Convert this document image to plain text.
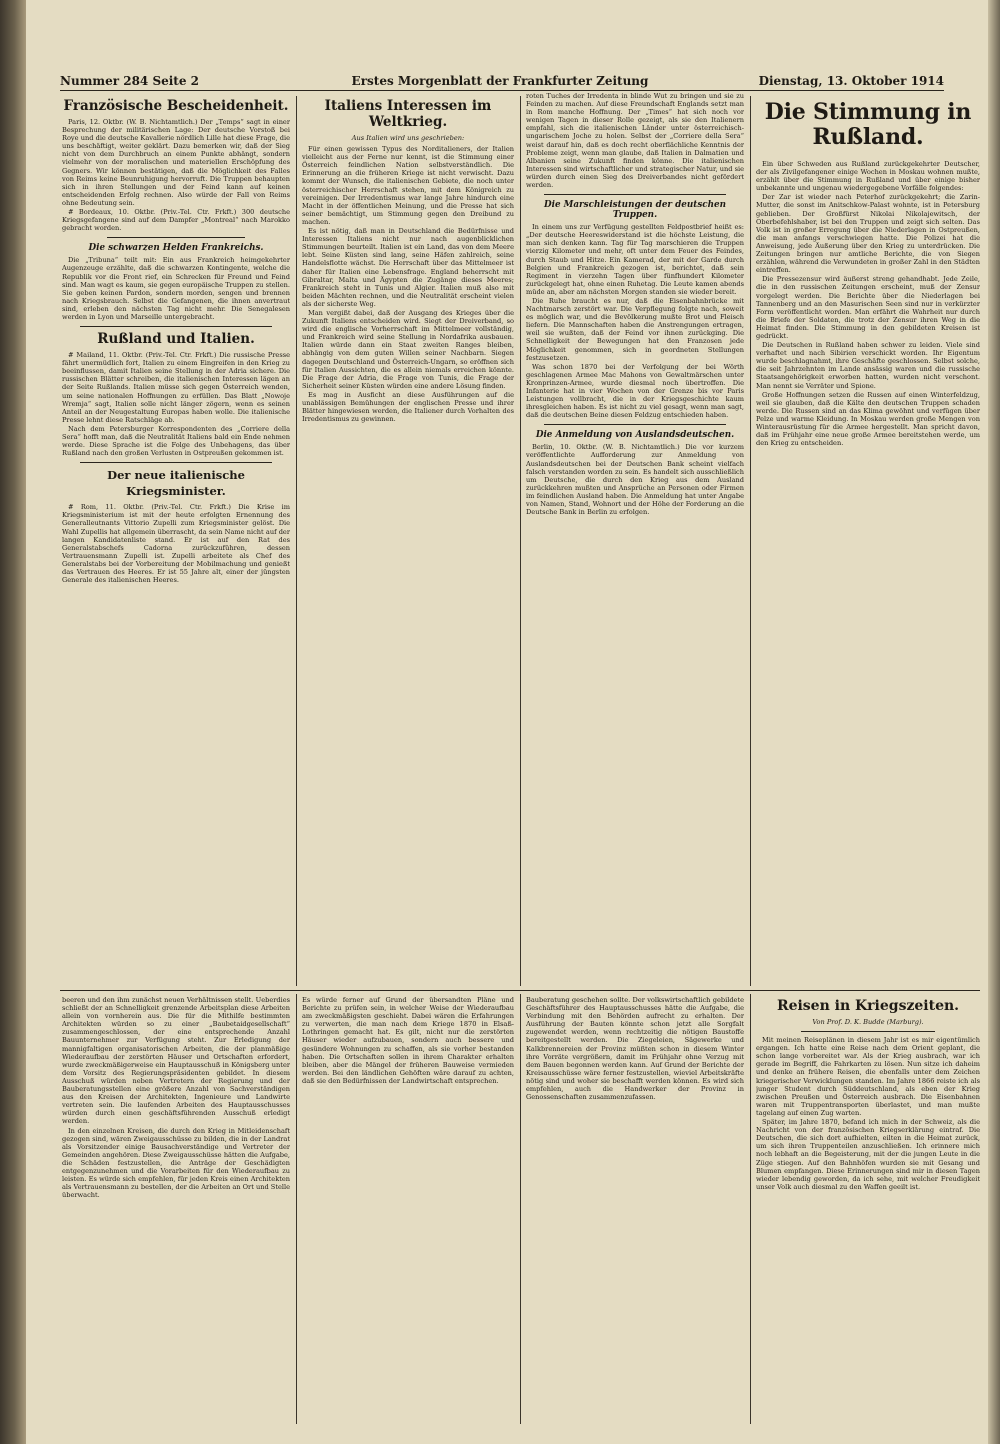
Nummer 284 Seite 2	Erstes Morgenblatt der Frankfurter Zeitung	Dienstag, 13. Oktober 1914
Französische Bescheidenheit.

Paris, 12. Oktbr. (W. B. Nichtamtlich.) Der „Temps“ sagt in einer Besprechung der militärischen Lage: Der deutsche Vorstoß bei Roye und die deutsche Kavallerie nördlich Lille hat diese Frage, die uns beschäftigt, weiter geklärt. Dazu bemerken wir, daß der Sieg nicht von dem Durchbruch an einem Punkte abhängt, sondern vielmehr von der moralischen und materiellen Erschöpfung des Gegners. Wir können bestätigen, daß die Möglichkeit des Falles von Reims keine Beunruhigung hervorruft. Die Truppen behaupten sich in ihren Stellungen und der Feind kann auf keinen entscheidenden Erfolg rechnen. Also würde der Fall von Reims ohne Bedeutung sein.

# Bordeaux, 10. Oktbr. (Priv.-Tel. Ctr. Frkft.) 300 deutsche Kriegsgefangene sind auf dem Dampfer „Montreal“ nach Marokko gebracht worden.

Die schwarzen Helden Frankreichs.

Die „Tribuna“ teilt mit: Ein aus Frankreich heimgekehrter Augenzeuge erzählte, daß die schwarzen Kontingente, welche die Republik vor die Front rief, ein Schrecken für Freund und Feind sind. Man wagt es kaum, sie gegen europäische Truppen zu stellen. Sie geben keinen Pardon, sondern morden, sengen und brennen nach Kriegsbrauch. Selbst die Gefangenen, die ihnen anvertraut sind, erleben den nächsten Tag nicht mehr. Die Senegalesen werden in Lyon und Marseille untergebracht.

Rußland und Italien.

# Mailand, 11. Oktbr. (Priv.-Tel. Ctr. Frkft.) Die russische Presse fährt unermüdlich fort, Italien zu einem Eingreifen in den Krieg zu beeinflussen, damit Italien seine Stellung in der Adria sichere. Die russischen Blätter schreiben, die italienischen Interessen lägen an der Seite Rußlands. Italien müsse sich gegen Österreich wenden, um seine nationalen Hoffnungen zu erfüllen. Das Blatt „Nowoje Wremja“ sagt, Italien solle nicht länger zögern, wenn es seinen Anteil an der Neugestaltung Europas haben wolle. Die italienische Presse lehnt diese Ratschläge ab.

Nach dem Petersburger Korrespondenten des „Corriere della Sera“ hofft man, daß die Neutralität Italiens bald ein Ende nehmen werde. Diese Sprache ist die Folge des Unbehagens, das über Rußland nach den großen Verlusten in Ostpreußen gekommen ist.

Der neue italienische Kriegsminister.

# Rom, 11. Oktbr. (Priv.-Tel. Ctr. Frkft.) Die Krise im Kriegsministerium ist mit der heute erfolgten Ernennung des Generalleutnants Vittorio Zupelli zum Kriegsminister gelöst. Die Wahl Zupellis hat allgemein überrascht, da sein Name nicht auf der langen Kandidatenliste stand. Er ist auf den Rat des Generalstabschefs Cadorna zurückzuführen, dessen Vertrauensmann Zupelli ist. Zupelli arbeitete als Chef des Generalstabs bei der Vorbereitung der Mobilmachung und genießt das Vertrauen des Heeres. Er ist 55 Jahre alt, einer der jüngsten Generale des italienischen Heeres.

Italiens Interessen im Weltkrieg.
Aus Italien wird uns geschrieben:

Für einen gewissen Typus des Norditalieners, der Italien vielleicht aus der Ferne nur kennt, ist die Stimmung einer Österreich feindlichen Nation selbstverständlich. Die Erinnerung an die früheren Kriege ist nicht verwischt. Dazu kommt der Wunsch, die italienischen Gebiete, die noch unter österreichischer Herrschaft stehen, mit dem Königreich zu vereinigen. Der Irredentismus war lange Jahre hindurch eine Macht in der öffentlichen Meinung, und die Presse hat sich seiner bemächtigt, um Stimmung gegen den Dreibund zu machen.

Es ist nötig, daß man in Deutschland die Bedürfnisse und Interessen Italiens nicht nur nach augenblicklichen Stimmungen beurteilt. Italien ist ein Land, das von dem Meere lebt. Seine Küsten sind lang, seine Häfen zahlreich, seine Handelsflotte wächst. Die Herrschaft über das Mittelmeer ist daher für Italien eine Lebensfrage. England beherrscht mit Gibraltar, Malta und Ägypten die Zugänge dieses Meeres; Frankreich steht in Tunis und Algier. Italien muß also mit beiden Mächten rechnen, und die Neutralität erscheint vielen als der sicherste Weg.

Man vergißt dabei, daß der Ausgang des Krieges über die Zukunft Italiens entscheiden wird. Siegt der Dreiverband, so wird die englische Vorherrschaft im Mittelmeer vollständig, und Frankreich wird seine Stellung in Nordafrika ausbauen. Italien würde dann ein Staat zweiten Ranges bleiben, abhängig von dem guten Willen seiner Nachbarn. Siegen dagegen Deutschland und Österreich-Ungarn, so eröffnen sich für Italien Aussichten, die es allein niemals erreichen könnte. Die Frage der Adria, die Frage von Tunis, die Frage der Sicherheit seiner Küsten würden eine andere Lösung finden.

Es mag in Ausficht an diese Ausführungen auf die unablässigen Bemühungen der englischen Presse und ihrer Blätter hingewiesen werden, die Italiener durch Vorhalten des Irredentismus zu gewinnen.

roten Tuches der Irredenta in blinde Wut zu bringen und sie zu Feinden zu machen. Auf diese Freundschaft Englands setzt man in Rom manche Hoffnung. Der „Times“ hat sich noch vor wenigen Tagen in dieser Rolle gezeigt, als sie den Italienern empfahl, sich die italienischen Länder unter österreichisch-ungarischem Joche zu holen. Selbst der „Corriere della Sera“ weist darauf hin, daß es doch recht oberflächliche Kenntnis der Probleme zeigt, wenn man glaube, daß Italien in Dalmatien und Albanien seine Zukunft finden könne. Die italienischen Interessen sind wirtschaftlicher und strategischer Natur, und sie würden durch einen Sieg des Dreiverbandes nicht gefördert werden.

Die Marschleistungen der deutschen Truppen.

In einem uns zur Verfügung gestellten Feldpostbrief heißt es: „Der deutsche Heereswiderstand ist die höchste Leistung, die man sich denken kann. Tag für Tag marschieren die Truppen vierzig Kilometer und mehr, oft unter dem Feuer des Feindes, durch Staub und Hitze. Ein Kamerad, der mit der Garde durch Belgien und Frankreich gezogen ist, berichtet, daß sein Regiment in vierzehn Tagen über fünfhundert Kilometer zurückgelegt hat, ohne einen Ruhetag. Die Leute kamen abends müde an, aber am nächsten Morgen standen sie wieder bereit.

Die Ruhe braucht es nur, daß die Eisenbahnbrücke mit Nachtmarsch zerstört war. Die Verpflegung folgte nach, soweit es möglich war, und die Bevölkerung mußte Brot und Fleisch liefern. Die Mannschaften haben die Anstrengungen ertragen, weil sie wußten, daß der Feind vor ihnen zurückging. Die Schnelligkeit der Bewegungen hat den Franzosen jede Möglichkeit genommen, sich in geordneten Stellungen festzusetzen.

Was schon 1870 bei der Verfolgung der bei Wörth geschlagenen Armee Mac Mahons von Gewaltmärschen unter Kronprinzen-Armee, wurde diesmal noch übertroffen. Die Infanterie hat in vier Wochen von der Grenze bis vor Paris Leistungen vollbracht, die in der Kriegsgeschichte kaum ihresgleichen haben. Es ist nicht zu viel gesagt, wenn man sagt, daß die deutschen Beine diesen Feldzug entschieden haben.

Die Anmeldung von Auslandsdeutschen.

Berlin, 10. Oktbr. (W. B. Nichtamtlich.) Die vor kurzem veröffentlichte Aufforderung zur Anmeldung von Auslandsdeutschen bei der Deutschen Bank scheint vielfach falsch verstanden worden zu sein. Es handelt sich ausschließlich um Deutsche, die durch den Krieg aus dem Ausland zurückkehren mußten und Ansprüche an Personen oder Firmen im feindlichen Ausland haben. Die Anmeldung hat unter Angabe von Namen, Stand, Wohnort und der Höhe der Forderung an die Deutsche Bank in Berlin zu erfolgen.

Die Stimmung in Rußland.

Ein über Schweden aus Rußland zurückgekehrter Deutscher, der als Zivilgefangener einige Wochen in Moskau wohnen mußte, erzählt über die Stimmung in Rußland und über einige bisher unbekannte und ungenau wiedergegebene Vorfälle folgendes:

Der Zar ist wieder nach Peterhof zurückgekehrt; die Zarin-Mutter, die sonst im Anitschkow-Palast wohnte, ist in Petersburg geblieben. Der Großfürst Nikolai Nikolajewitsch, der Oberbefehlshaber, ist bei den Truppen und zeigt sich selten. Das Volk ist in großer Erregung über die Niederlagen in Ostpreußen, die man anfangs verschwiegen hatte. Die Polizei hat die Anweisung, jede Äußerung über den Krieg zu unterdrücken. Die Zeitungen bringen nur amtliche Berichte, die von Siegen erzählen, während die Verwundeten in großer Zahl in den Städten eintreffen.

Die Pressezensur wird äußerst streng gehandhabt. Jede Zeile, die in den russischen Zeitungen erscheint, muß der Zensur vorgelegt werden. Die Berichte über die Niederlagen bei Tannenberg und an den Masurischen Seen sind nur in verkürzter Form veröffentlicht worden. Man erfährt die Wahrheit nur durch die Briefe der Soldaten, die trotz der Zensur ihren Weg in die Heimat finden. Die Stimmung in den gebildeten Kreisen ist gedrückt.

Die Deutschen in Rußland haben schwer zu leiden. Viele sind verhaftet und nach Sibirien verschickt worden. Ihr Eigentum wurde beschlagnahmt, ihre Geschäfte geschlossen. Selbst solche, die seit Jahrzehnten im Lande ansässig waren und die russische Staatsangehörigkeit erworben hatten, wurden nicht verschont. Man nennt sie Verräter und Spione.

Große Hoffnungen setzen die Russen auf einen Winterfeldzug, weil sie glauben, daß die Kälte den deutschen Truppen schaden werde. Die Russen sind an das Klima gewöhnt und verfügen über Pelze und warme Kleidung. In Moskau werden große Mengen von Winterausrüstung für die Armee hergestellt. Man spricht davon, daß im Frühjahr eine neue große Armee bereitstehen werde, um den Krieg zu entscheiden.

beeren und den ihm zunächst neuen Verhältnissen stellt. Ueberdies schließt der an Schnelligkeit grenzende Arbeitsplan diese Arbeiten allein von vornherein aus. Die für die Mithilfe bestimmten Architekten würden so zu einer „Baubetaidgesellschaft“ zusammengeschlossen, der eine entsprechende Anzahl Bauunternehmer zur Verfügung steht. Zur Erledigung der mannigfaltigen organisatorischen Arbeiten, die der planmäßige Wiederaufbau der zerstörten Häuser und Ortschaften erfordert, wurde zweckmäßigerweise ein Hauptausschuß in Königsberg unter dem Vorsitz des Regierungspräsidenten gebildet. In diesem Ausschuß würden neben Vertretern der Regierung und der Bauberatungsstellen eine größere Anzahl von Sachverständigen aus den Kreisen der Architekten, Ingenieure und Landwirte vertreten sein. Die laufenden Arbeiten des Hauptausschusses würden durch einen geschäftsführenden Ausschuß erledigt werden.

In den einzelnen Kreisen, die durch den Krieg in Mitleidenschaft gezogen sind, wären Zweigausschüsse zu bilden, die in der Landrat als Vorsitzender einige Bausachverständige und Vertreter der Gemeinden angehören. Diese Zweigausschüsse hätten die Aufgabe, die Schäden festzustellen, die Anträge der Geschädigten entgegenzunehmen und die Vorarbeiten für den Wiederaufbau zu leisten. Es würde sich empfehlen, für jeden Kreis einen Architekten als Vertrauensmann zu bestellen, der die Arbeiten an Ort und Stelle überwacht.

Es würde ferner auf Grund der übersandten Pläne und Berichte zu prüfen sein, in welcher Weise der Wiederaufbau am zweckmäßigsten geschieht. Dabei wären die Erfahrungen zu verwerten, die man nach dem Kriege 1870 in Elsaß-Lothringen gemacht hat. Es gilt, nicht nur die zerstörten Häuser wieder aufzubauen, sondern auch bessere und gesündere Wohnungen zu schaffen, als sie vorher bestanden haben. Die Ortschaften sollen in ihrem Charakter erhalten bleiben, aber die Mängel der früheren Bauweise vermieden werden. Bei den ländlichen Gehöften wäre darauf zu achten, daß sie den Bedürfnissen der Landwirtschaft entsprechen.

Bauberatung geschehen sollte. Der volkswirtschaftlich gebildete Geschäftsführer des Hauptausschusses hätte die Aufgabe, die Verbindung mit den Behörden aufrecht zu erhalten. Der Ausführung der Bauten könnte schon jetzt alle Sorgfalt zugewendet werden, wenn rechtzeitig die nötigen Baustoffe bereitgestellt werden. Die Ziegeleien, Sägewerke und Kalkbrennereien der Provinz müßten schon in diesem Winter ihre Vorräte vergrößern, damit im Frühjahr ohne Verzug mit dem Bauen begonnen werden kann. Auf Grund der Berichte der Kreisausschüsse wäre ferner festzustellen, wieviel Arbeitskräfte nötig sind und woher sie beschafft werden können. Es wird sich empfehlen, auch die Handwerker der Provinz in Genossenschaften zusammenzufassen.

Reisen in Kriegszeiten.
Von Prof. D. K. Budde (Marburg).

Mit meinen Reiseplänen in diesem Jahr ist es mir eigentümlich ergangen. Ich hatte eine Reise nach dem Orient geplant, die schon lange vorbereitet war. Als der Krieg ausbrach, war ich gerade im Begriff, die Fahrkarten zu lösen. Nun sitze ich daheim und denke an frühere Reisen, die ebenfalls unter dem Zeichen kriegerischer Verwicklungen standen. Im Jahre 1866 reiste ich als junger Student durch Süddeutschland, als eben der Krieg zwischen Preußen und Österreich ausbrach. Die Eisenbahnen waren mit Truppentransporten überlastet, und man mußte tagelang auf einen Zug warten.

Später, im Jahre 1870, befand ich mich in der Schweiz, als die Nachricht von der französischen Kriegserklärung eintraf. Die Deutschen, die sich dort aufhielten, eilten in die Heimat zurück, um sich ihren Truppenteilen anzuschließen. Ich erinnere mich noch lebhaft an die Begeisterung, mit der die jungen Leute in die Züge stiegen. Auf den Bahnhöfen wurden sie mit Gesang und Blumen empfangen. Diese Erinnerungen sind mir in diesen Tagen wieder lebendig geworden, da ich sehe, mit welcher Freudigkeit unser Volk auch diesmal zu den Waffen geeilt ist.
